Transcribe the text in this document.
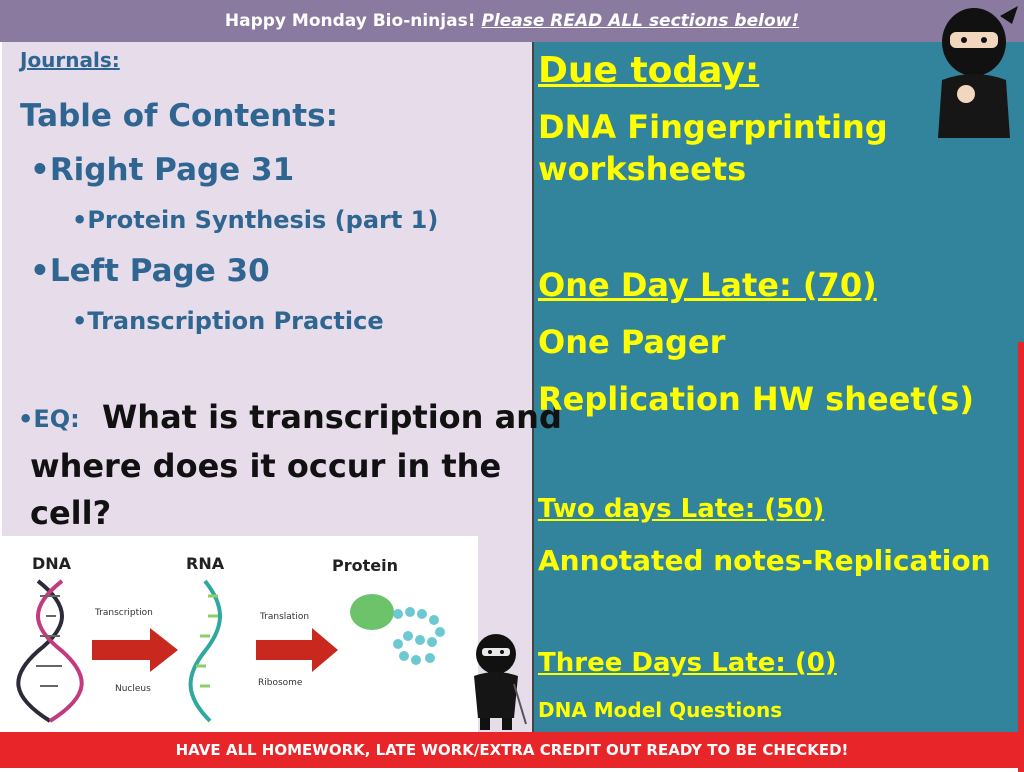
Happy Monday Bio-ninjas! Please READ ALL sections below!
Journals:
Table of Contents:
•Right Page 31
•Protein Synthesis (part 1)
•Left Page 30
•Transcription Practice
•EQ: What is transcription and
where does it occur in the
cell?
DNA	RNA	Protein
Transcription	Translation
Nucleus
Ribosome
Due today:
DNA Fingerprinting
worksheets
One Day Late: (70)
One Pager
Replication HW sheet(s)
Two days Late: (50)
Annotated notes-Replication
Three Days Late: (0)
DNA Model Questions
HAVE ALL HOMEWORK, LATE WORK/EXTRA CREDIT OUT READY TO BE CHECKED!
